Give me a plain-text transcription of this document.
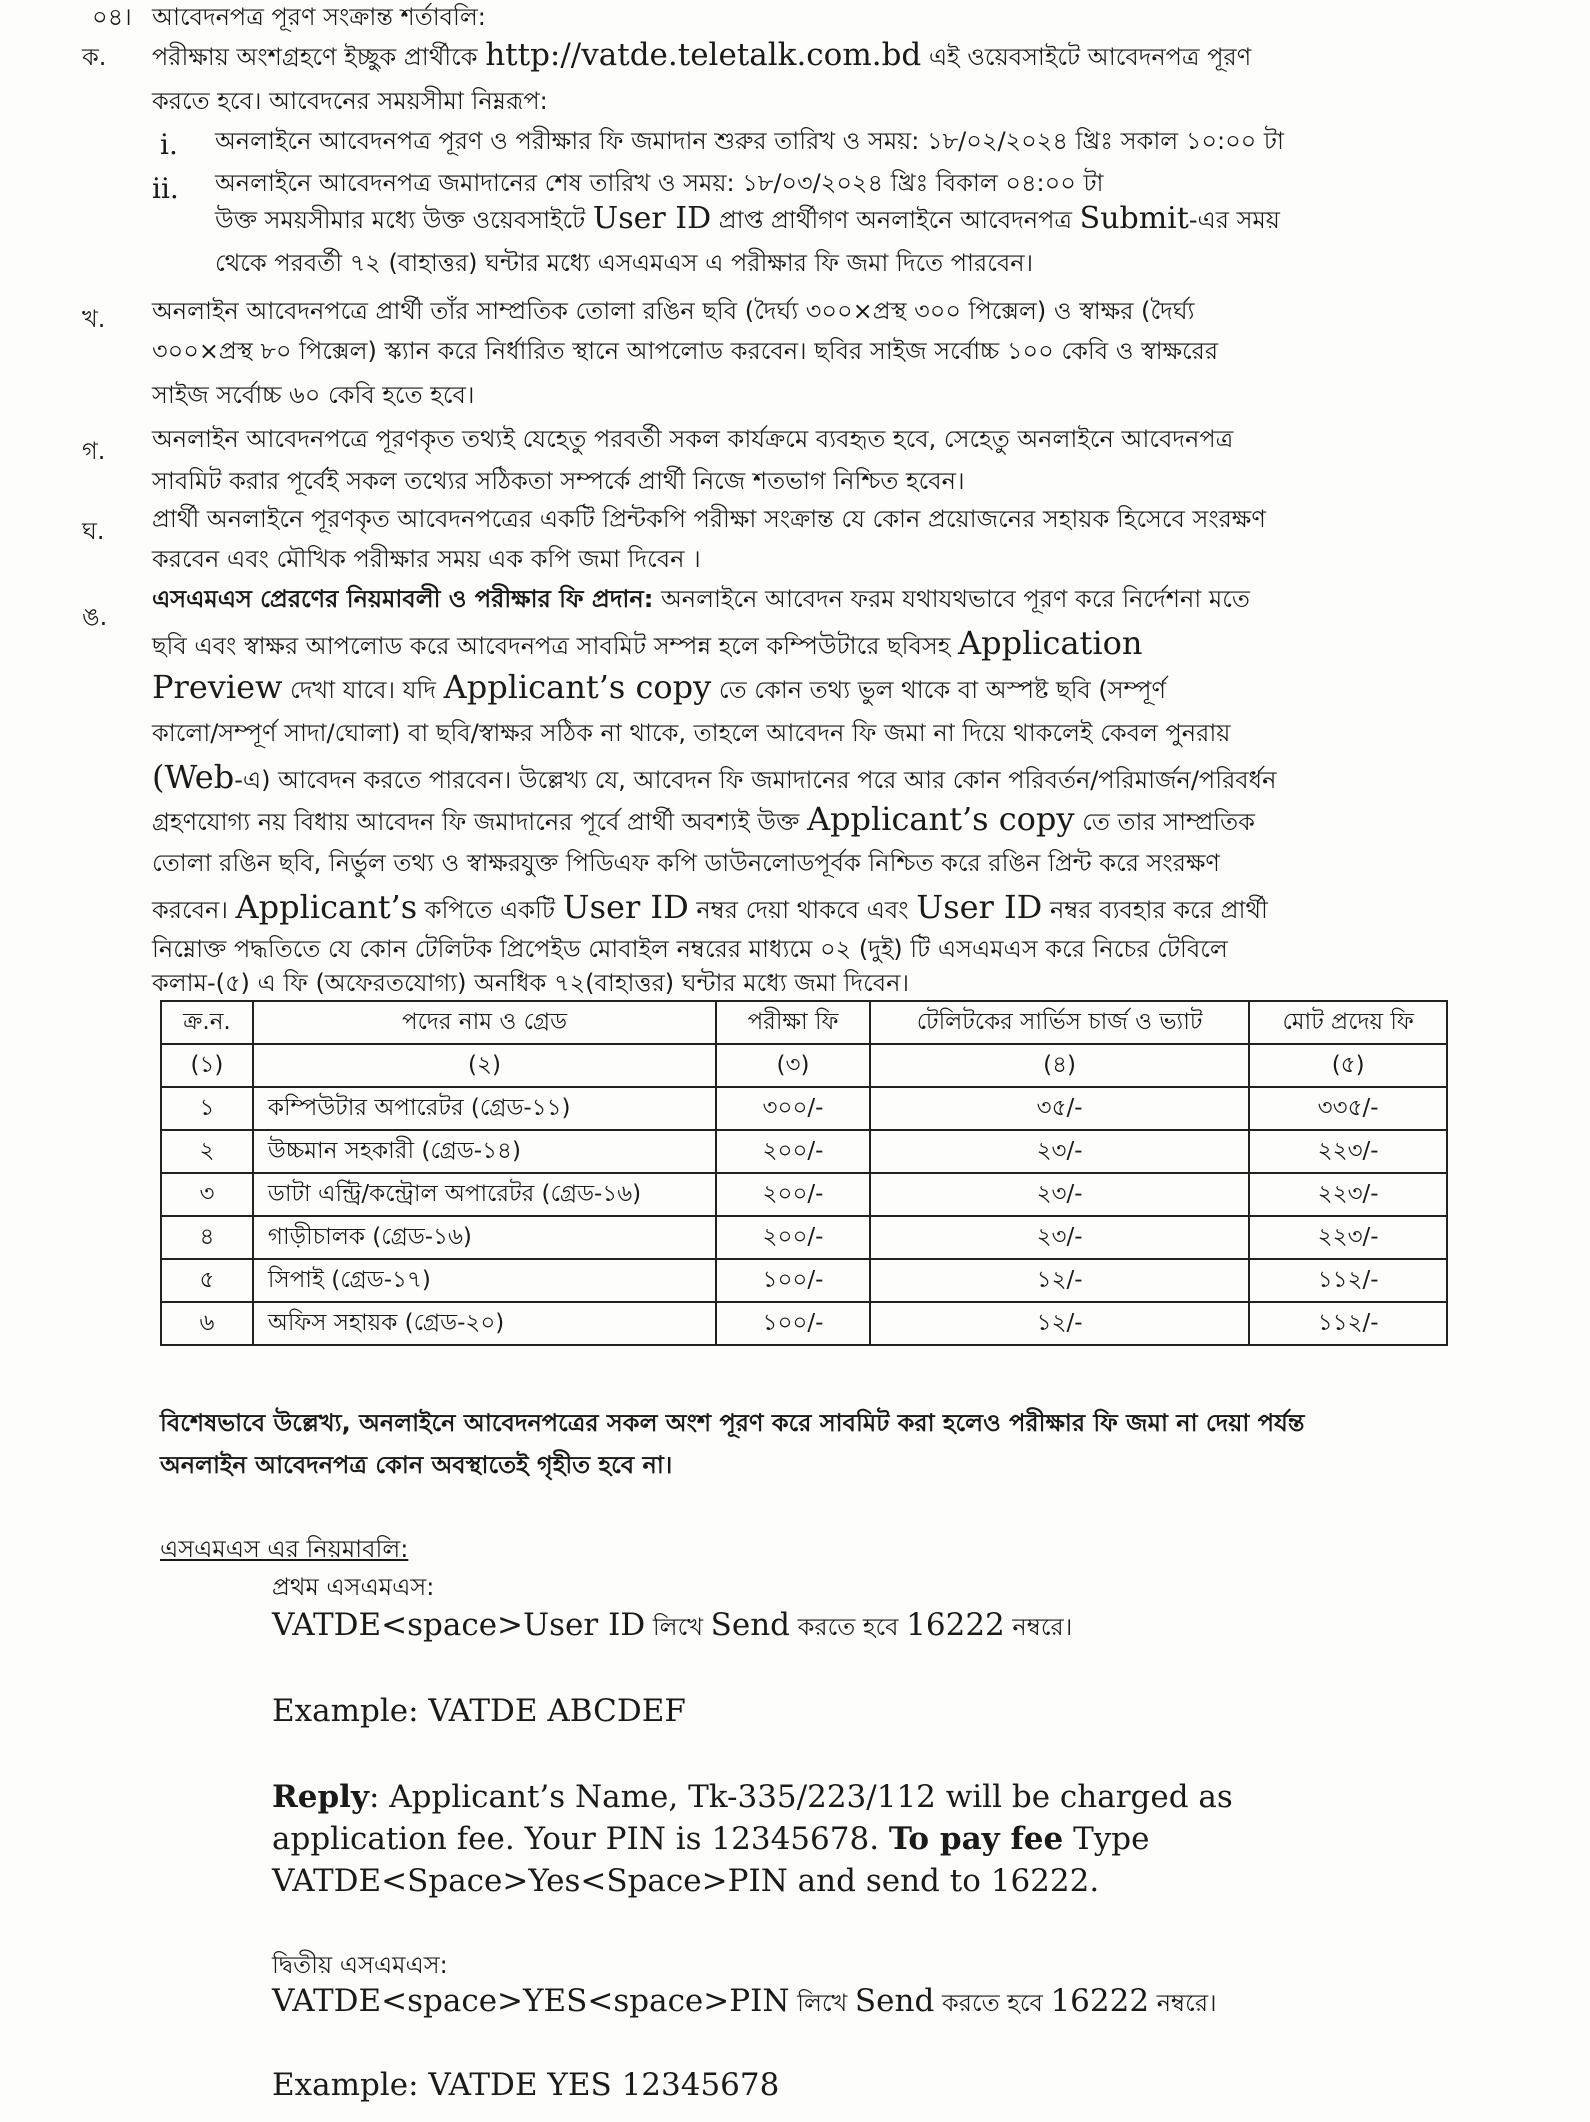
০৪। আবেদনপত্র পূরণ সংক্রান্ত শর্তাবলি:
ক. পরীক্ষায় অংশগ্রহণে ইচ্ছুক প্রার্থীকে http://vatde.teletalk.com.bd এই ওয়েবসাইটে আবেদনপত্র পূরণ
করতে হবে। আবেদনের সময়সীমা নিম্নরূপ:
i. অনলাইনে আবেদনপত্র পূরণ ও পরীক্ষার ফি জমাদান শুরুর তারিখ ও সময়: ১৮/০২/২০২৪ খ্রিঃ সকাল ১০:০০ টা
ii. অনলাইনে আবেদনপত্র জমাদানের শেষ তারিখ ও সময়: ১৮/০৩/২০২৪ খ্রিঃ বিকাল ০৪:০০ টা
উক্ত সময়সীমার মধ্যে উক্ত ওয়েবসাইটে User ID প্রাপ্ত প্রার্থীগণ অনলাইনে আবেদনপত্র Submit-এর সময়
থেকে পরবর্তী ৭২ (বাহাত্তর) ঘন্টার মধ্যে এসএমএস এ পরীক্ষার ফি জমা দিতে পারবেন।
খ. অনলাইন আবেদনপত্রে প্রার্থী তাঁর সাম্প্রতিক তোলা রঙিন ছবি (দৈর্ঘ্য ৩০০×প্রস্থ ৩০০ পিক্সেল) ও স্বাক্ষর (দৈর্ঘ্য
৩০০×প্রস্থ ৮০ পিক্সেল) স্ক্যান করে নির্ধারিত স্থানে আপলোড করবেন। ছবির সাইজ সর্বোচ্চ ১০০ কেবি ও স্বাক্ষরের
সাইজ সর্বোচ্চ ৬০ কেবি হতে হবে।
গ. অনলাইন আবেদনপত্রে পূরণকৃত তথ্যই যেহেতু পরবর্তী সকল কার্যক্রমে ব্যবহৃত হবে, সেহেতু অনলাইনে আবেদনপত্র
সাবমিট করার পূর্বেই সকল তথ্যের সঠিকতা সম্পর্কে প্রার্থী নিজে শতভাগ নিশ্চিত হবেন।
ঘ. প্রার্থী অনলাইনে পূরণকৃত আবেদনপত্রের একটি প্রিন্টকপি পরীক্ষা সংক্রান্ত যে কোন প্রয়োজনের সহায়ক হিসেবে সংরক্ষণ
করবেন এবং মৌখিক পরীক্ষার সময় এক কপি জমা দিবেন ।
ঙ.
এসএমএস প্রেরণের নিয়মাবলী ও পরীক্ষার ফি প্রদান: অনলাইনে আবেদন ফরম যথাযথভাবে পূরণ করে নির্দেশনা মতে
ছবি এবং স্বাক্ষর আপলোড করে আবেদনপত্র সাবমিট সম্পন্ন হলে কম্পিউটারে ছবিসহ Application
Preview দেখা যাবে। যদি Applicant’s copy তে কোন তথ্য ভুল থাকে বা অস্পষ্ট ছবি (সম্পূর্ণ
কালো/সম্পূর্ণ সাদা/ঘোলা) বা ছবি/স্বাক্ষর সঠিক না থাকে, তাহলে আবেদন ফি জমা না দিয়ে থাকলেই কেবল পুনরায়
(Web-এ) আবেদন করতে পারবেন। উল্লেখ্য যে, আবেদন ফি জমাদানের পরে আর কোন পরিবর্তন/পরিমার্জন/পরিবর্ধন
গ্রহণযোগ্য নয় বিধায় আবেদন ফি জমাদানের পূর্বে প্রার্থী অবশ্যই উক্ত Applicant’s copy তে তার সাম্প্রতিক
তোলা রঙিন ছবি, নির্ভুল তথ্য ও স্বাক্ষরযুক্ত পিডিএফ কপি ডাউনলোডপূর্বক নিশ্চিত করে রঙিন প্রিন্ট করে সংরক্ষণ
করবেন। Applicant’s কপিতে একটি User ID নম্বর দেয়া থাকবে এবং User ID নম্বর ব্যবহার করে প্রার্থী
নিম্নোক্ত পদ্ধতিতে যে কোন টেলিটক প্রিপেইড মোবাইল নম্বরের মাধ্যমে ০২ (দুই) টি এসএমএস করে নিচের টেবিলে
কলাম-(৫) এ ফি (অফেরতযোগ্য) অনধিক ৭২(বাহাত্তর) ঘন্টার মধ্যে জমা দিবেন।
ক্র.ন.	পদের নাম ও গ্রেড	পরীক্ষা ফি	টেলিটকের সার্ভিস চার্জ ও ভ্যাট	মোট প্রদেয় ফি
(১)	(২)	(৩)	(৪)	(৫)
১	কম্পিউটার অপারেটর (গ্রেড-১১)	৩০০/-	৩৫/-	৩৩৫/-
২	উচ্চমান সহকারী (গ্রেড-১৪)	২০০/-	২৩/-	২২৩/-
৩	ডাটা এন্ট্রি/কন্ট্রোল অপারেটর (গ্রেড-১৬)	২০০/-	২৩/-	২২৩/-
৪	গাড়ীচালক (গ্রেড-১৬)	২০০/-	২৩/-	২২৩/-
৫	সিপাই (গ্রেড-১৭)	১০০/-	১২/-	১১২/-
৬	অফিস সহায়ক (গ্রেড-২০)	১০০/-	১২/-	১১২/-
বিশেষভাবে উল্লেখ্য, অনলাইনে আবেদনপত্রের সকল অংশ পূরণ করে সাবমিট করা হলেও পরীক্ষার ফি জমা না দেয়া পর্যন্ত
অনলাইন আবেদনপত্র কোন অবস্থাতেই গৃহীত হবে না।
এসএমএস এর নিয়মাবলি:
প্রথম এসএমএস:
VATDE<space>User ID লিখে Send করতে হবে 16222 নম্বরে।
Example: VATDE ABCDEF
Reply: Applicant’s Name, Tk-335/223/112 will be charged as
application fee. Your PIN is 12345678. To pay fee Type
VATDE<Space>Yes<Space>PIN and send to 16222.
দ্বিতীয় এসএমএস:
VATDE<space>YES<space>PIN লিখে Send করতে হবে 16222 নম্বরে।
Example: VATDE YES 12345678
